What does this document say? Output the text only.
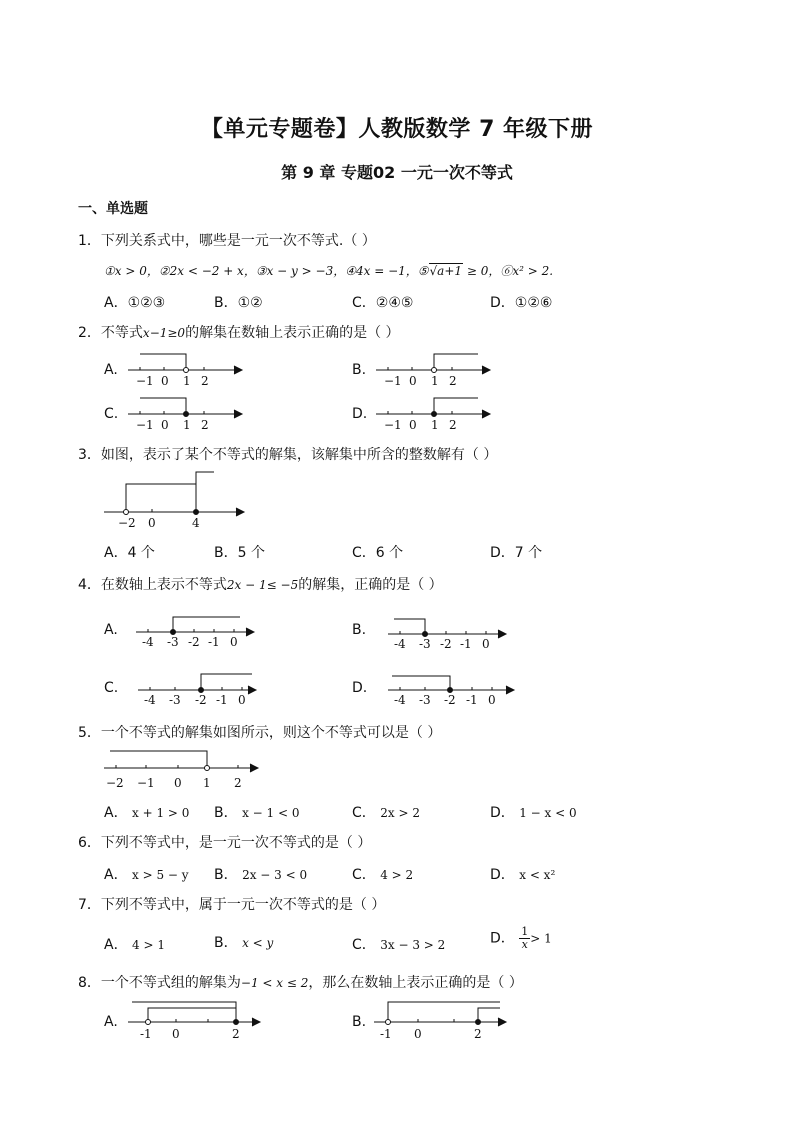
【单元专题卷】人教版数学 7 年级下册
第 9 章 专题02 一元一次不等式
一、单选题
1．下列关系式中，哪些是一元一次不等式.（ ）
①x > 0，②2x < −2 + x，③x − y > −3，④4x = −1，⑤√a+1 ≥ 0，⑥x² > 2.
A．①②③	B．①②	C．②④⑤	D．①②⑥
2．不等式x−1≥0的解集在数轴上表示正确的是（ ）
A.	B.
C.	D.
−1 0 1 2	−1 0 1 2
−1 0 1 2	−1 0 1 2
3．如图，表示了某个不等式的解集，该解集中所含的整数解有（ ）
−2 0	4
A．4 个	B．5 个	C．6 个	D．7 个
4．在数轴上表示不等式2x − 1≤ −5的解集，正确的是（ ）
A.	B.
C.	D.
-4 -3 -2 -1 0	-4 -3 -2 -1 0
-4 -3 -2 -1 0	-4 -3 -2 -1 0
5．一个不等式的解集如图所示，则这个不等式可以是（ ）
−2 −1 0 1 2
A． x + 1 > 0 B． x − 1 < 0	C． 2x > 2	D． 1 − x < 0
6．下列不等式中，是一元一次不等式的是（ ）
A． x > 5 − y B． 2x − 3 < 0	C． 4 > 2	D． x < x²
7．下列不等式中，属于一元一次不等式的是（ ）
A． 4 > 1	B． x < y	C． 3x − 3 > 2	D． $\frac{1}{x} > 1$
8．一个不等式组的解集为−1 < x ≤ 2，那么在数轴上表示正确的是（ ）
A.	B.
-1 0	2	-1 0	2
